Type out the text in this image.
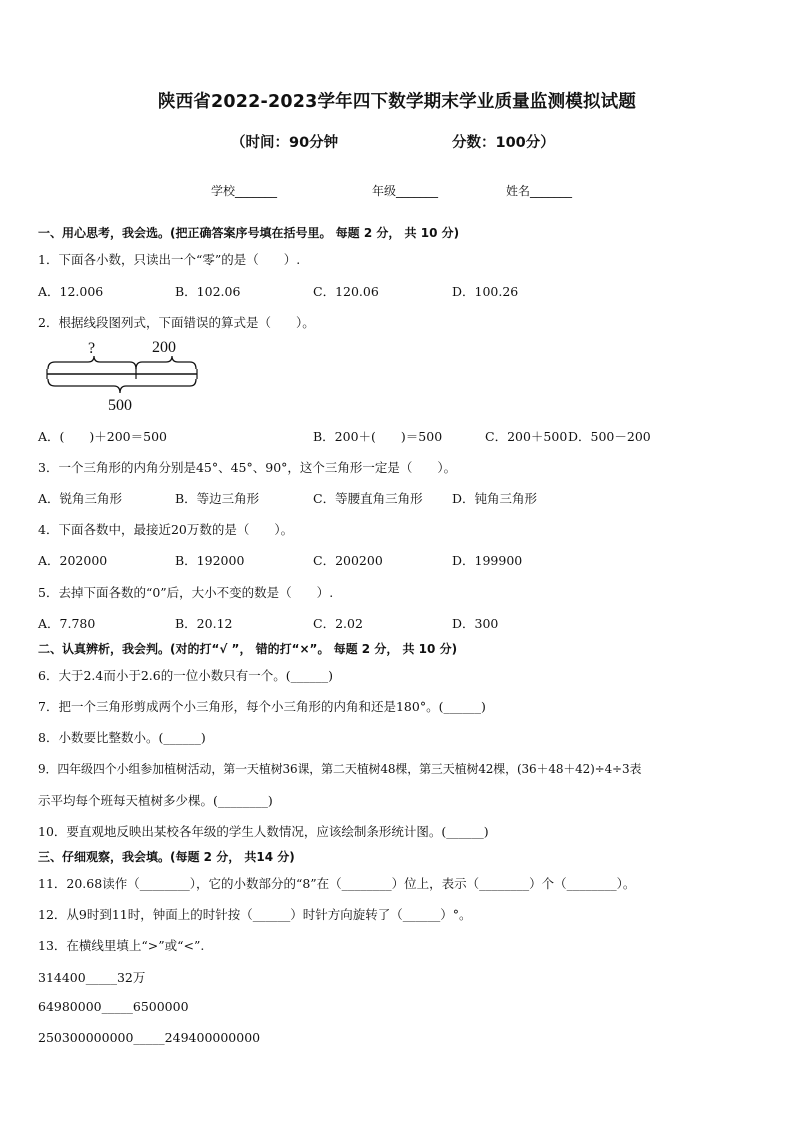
陕西省2022-2023学年四下数学期末学业质量监测模拟试题
（时间：90分钟	分数：100分）
学校_______	年级_______	姓名_______
一、用心思考，我会选。(把正确答案序号填在括号里。 每题 2 分， 共 10 分)
1．下面各小数，只读出一个“零”的是（　　）.
A．12.006	B．102.06	C．120.06	D．100.26
2．根据线段图列式，下面错误的算式是（　　）。
?	200
500
A．(　　)＋200＝500	B．200＋(　　)＝500	C．200＋500 D．500－200
3．一个三角形的内角分别是45°、45°、90°，这个三角形一定是（　　）。
A．锐角三角形	B．等边三角形	C．等腰直角三角形 D．钝角三角形
4．下面各数中，最接近20万数的是（　　）。
A．202000	B．192000	C．200200	D．199900
5．去掉下面各数的“0”后，大小不变的数是（　　）.
A．7.780	B．20.12	C．2.02	D．300
二、认真辨析，我会判。(对的打“√ ”， 错的打“×”。 每题 2 分， 共 10 分)
6．大于2.4而小于2.6的一位小数只有一个。(______)
7．把一个三角形剪成两个小三角形，每个小三角形的内角和还是180°。(______)
8．小数要比整数小。(______)
9．四年级四个小组参加植树活动，第一天植树36课，第二天植树48棵，第三天植树42棵，(36＋48＋42)÷4÷3表
示平均每个班每天植树多少棵。(________)
10．要直观地反映出某校各年级的学生人数情况，应该绘制条形统计图。(______)
三、仔细观察，我会填。(每题 2 分， 共14 分)
11．20.68读作（________），它的小数部分的“8”在（________）位上，表示（________）个（________）。
12．从9时到11时，钟面上的时针按（______）时针方向旋转了（______）°。
13．在横线里填上“>”或“<”.
314400_____32万
64980000_____6500000
250300000000_____249400000000
